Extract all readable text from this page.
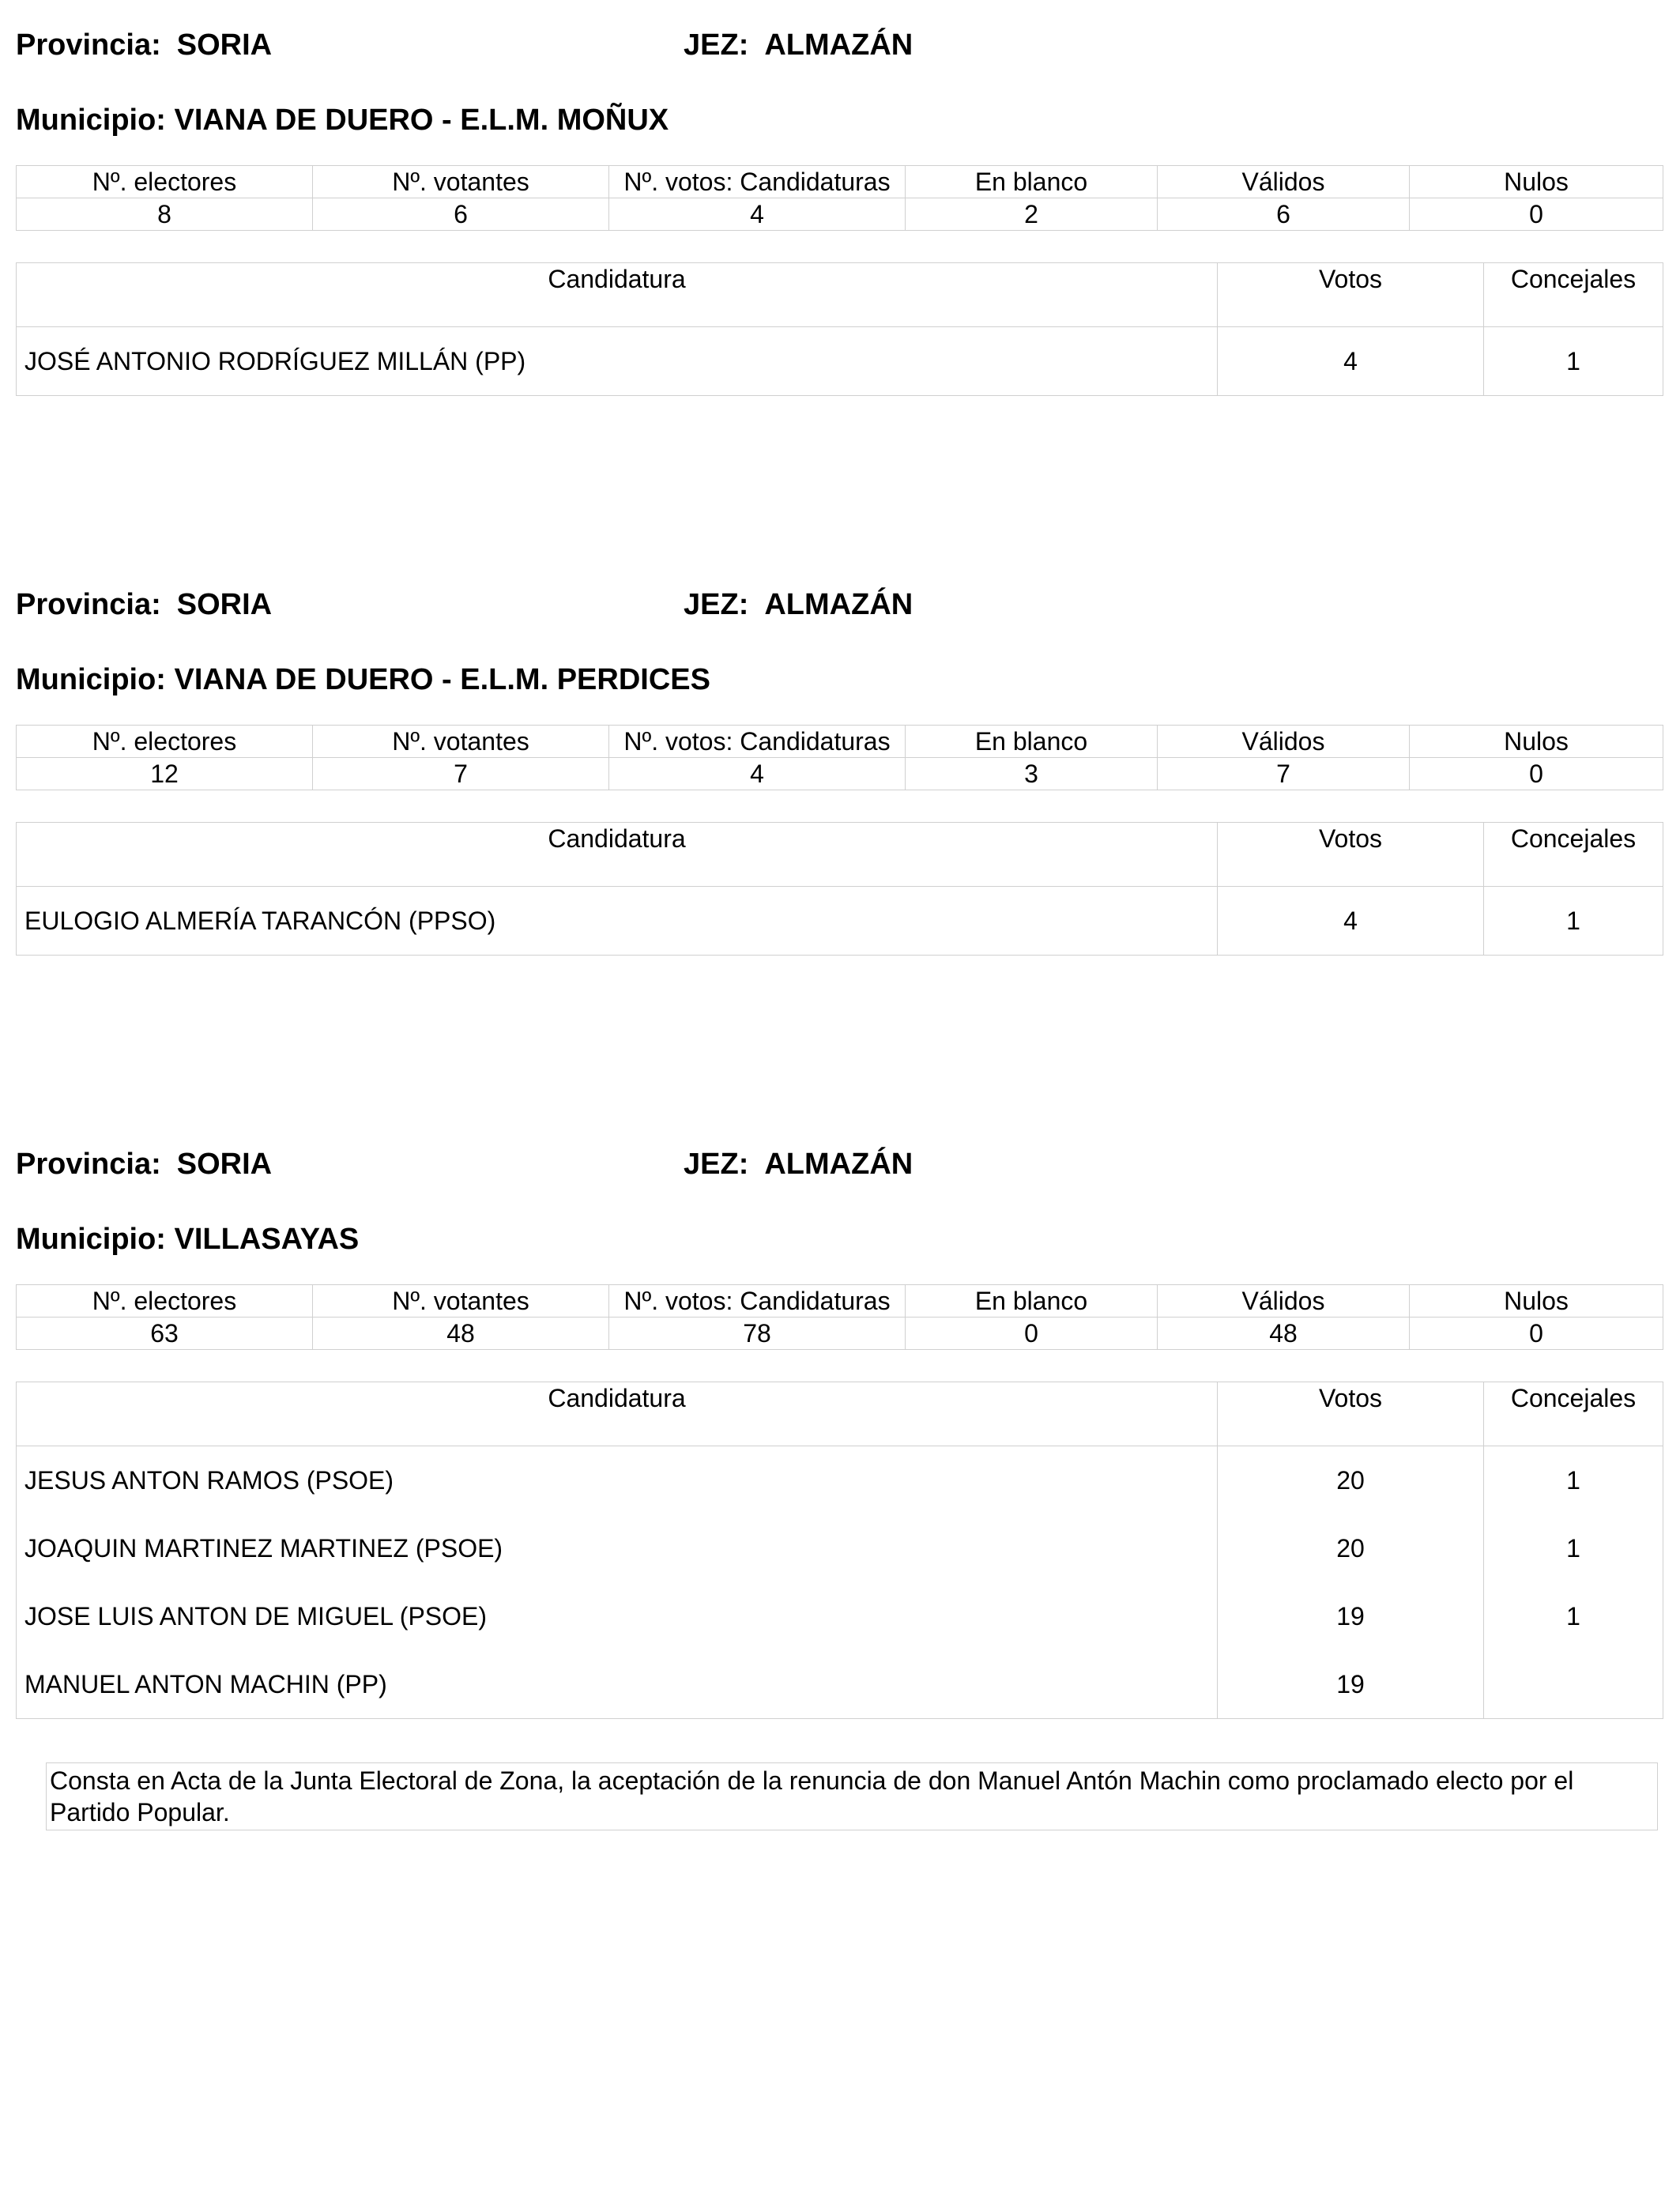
Provincia: SORIA	JEZ: ALMAZÁN
Municipio: VIANA DE DUERO - E.L.M. MOÑUX
Nº. electores	Nº. votantes	Nº. votos: Candidaturas	En blanco	Válidos	Nulos
8	6	4	2	6	0
Candidatura	Votos	Concejales
JOSÉ ANTONIO RODRÍGUEZ MILLÁN (PP)	4	1
Provincia: SORIA	JEZ: ALMAZÁN
Municipio: VIANA DE DUERO - E.L.M. PERDICES
Nº. electores	Nº. votantes	Nº. votos: Candidaturas	En blanco	Válidos	Nulos
12	7	4	3	7	0
Candidatura	Votos	Concejales
EULOGIO ALMERÍA TARANCÓN (PPSO)	4	1
Provincia: SORIA	JEZ: ALMAZÁN
Municipio: VILLASAYAS
Nº. electores	Nº. votantes	Nº. votos: Candidaturas	En blanco	Válidos	Nulos
63	48	78	0	48	0
Candidatura	Votos	Concejales
JESUS ANTON RAMOS (PSOE)	20	1
JOAQUIN MARTINEZ MARTINEZ (PSOE)	20	1
JOSE LUIS ANTON DE MIGUEL (PSOE)	19	1
MANUEL ANTON MACHIN (PP)	19	
Consta en Acta de la Junta Electoral de Zona, la aceptación de la renuncia de don Manuel Antón Machin como proclamado electo por el Partido Popular.
